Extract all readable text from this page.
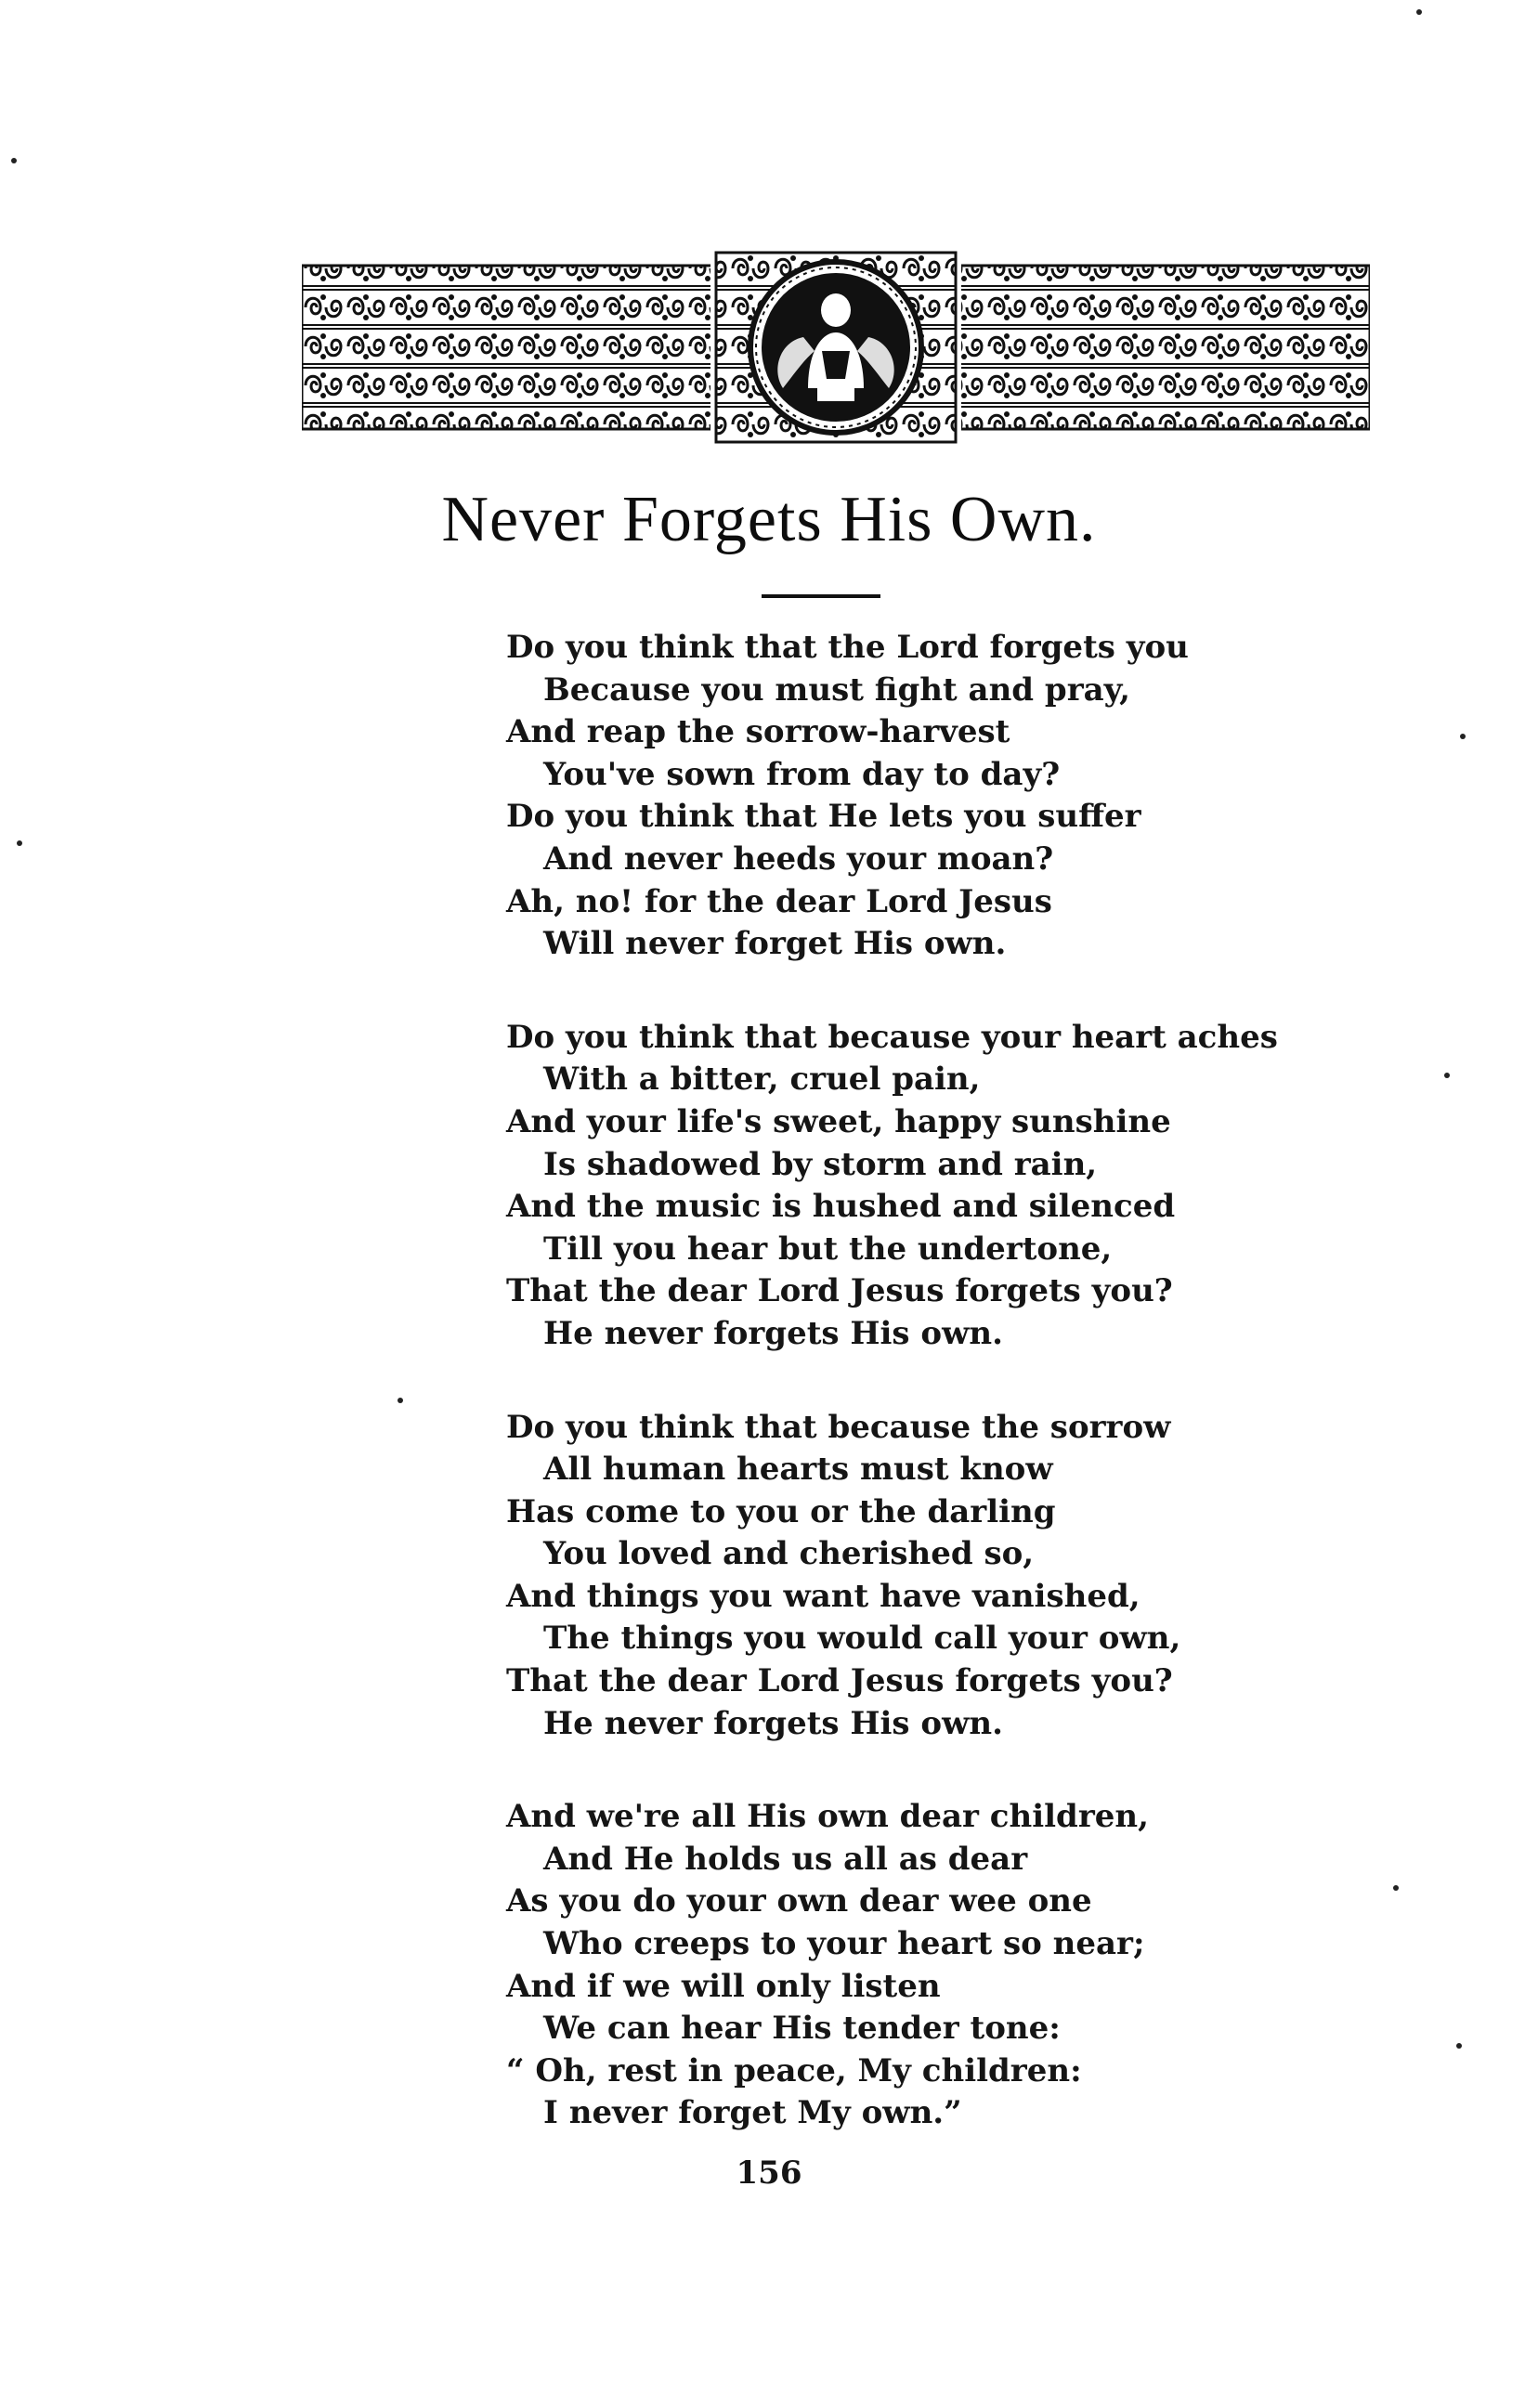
Never Forgets His Own.
Do you think that the Lord forgets you
Because you must fight and pray,
And reap the sorrow-harvest
You've sown from day to day?
Do you think that He lets you suffer
And never heeds your moan?
Ah, no! for the dear Lord Jesus
Will never forget His own.
Do you think that because your heart aches
With a bitter, cruel pain,
And your life's sweet, happy sunshine
Is shadowed by storm and rain,
And the music is hushed and silenced
Till you hear but the undertone,
That the dear Lord Jesus forgets you?
He never forgets His own.
Do you think that because the sorrow
All human hearts must know
Has come to you or the darling
You loved and cherished so,
And things you want have vanished,
The things you would call your own,
That the dear Lord Jesus forgets you?
He never forgets His own.
And we're all His own dear children,
And He holds us all as dear
As you do your own dear wee one
Who creeps to your heart so near;
And if we will only listen
We can hear His tender tone:
“ Oh, rest in peace, My children:
I never forget My own.”
156
